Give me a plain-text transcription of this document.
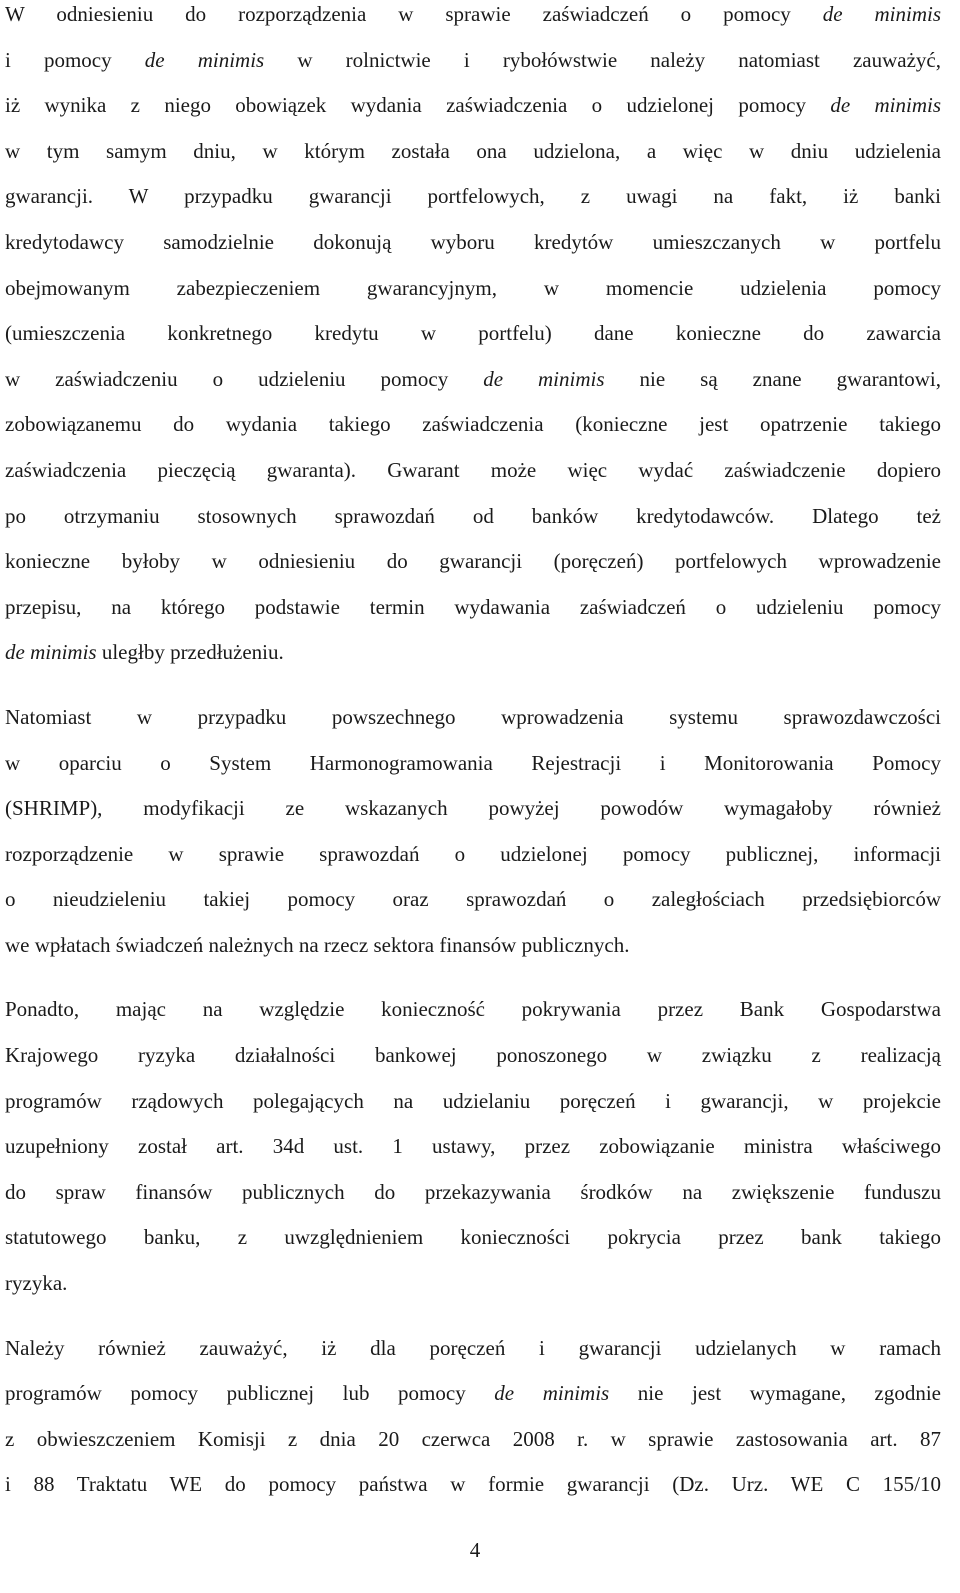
W odniesieniu do rozporządzenia w sprawie zaświadczeń o pomocy de minimis
i pomocy de minimis w rolnictwie i rybołówstwie należy natomiast zauważyć,
iż wynika z niego obowiązek wydania zaświadczenia o udzielonej pomocy de minimis
w tym samym dniu, w którym została ona udzielona, a więc w dniu udzielenia
gwarancji. W przypadku gwarancji portfelowych, z uwagi na fakt, iż banki
kredytodawcy samodzielnie dokonują wyboru kredytów umieszczanych w portfelu
obejmowanym zabezpieczeniem gwarancyjnym, w momencie udzielenia pomocy
(umieszczenia konkretnego kredytu w portfelu) dane konieczne do zawarcia
w zaświadczeniu o udzieleniu pomocy de minimis nie są znane gwarantowi,
zobowiązanemu do wydania takiego zaświadczenia (konieczne jest opatrzenie takiego
zaświadczenia pieczęcią gwaranta). Gwarant może więc wydać zaświadczenie dopiero
po otrzymaniu stosownych sprawozdań od banków kredytodawców. Dlatego też
konieczne byłoby w odniesieniu do gwarancji (poręczeń) portfelowych wprowadzenie
przepisu, na którego podstawie termin wydawania zaświadczeń o udzieleniu pomocy
de minimis uległby przedłużeniu.

Natomiast w przypadku powszechnego wprowadzenia systemu sprawozdawczości
w oparciu o System Harmonogramowania Rejestracji i Monitorowania Pomocy
(SHRIMP), modyfikacji ze wskazanych powyżej powodów wymagałoby również
rozporządzenie w sprawie sprawozdań o udzielonej pomocy publicznej, informacji
o nieudzieleniu takiej pomocy oraz sprawozdań o zaległościach przedsiębiorców
we wpłatach świadczeń należnych na rzecz sektora finansów publicznych.

Ponadto, mając na względzie konieczność pokrywania przez Bank Gospodarstwa
Krajowego ryzyka działalności bankowej ponoszonego w związku z realizacją
programów rządowych polegających na udzielaniu poręczeń i gwarancji, w projekcie
uzupełniony został art. 34d ust. 1 ustawy, przez zobowiązanie ministra właściwego
do spraw finansów publicznych do przekazywania środków na zwiększenie funduszu
statutowego banku, z uwzględnieniem konieczności pokrycia przez bank takiego
ryzyka.

Należy również zauważyć, iż dla poręczeń i gwarancji udzielanych w ramach
programów pomocy publicznej lub pomocy de minimis nie jest wymagane, zgodnie
z obwieszczeniem Komisji z dnia 20 czerwca 2008 r. w sprawie zastosowania art. 87
i 88 Traktatu WE do pomocy państwa w formie gwarancji (Dz. Urz. WE C 155/10

4
